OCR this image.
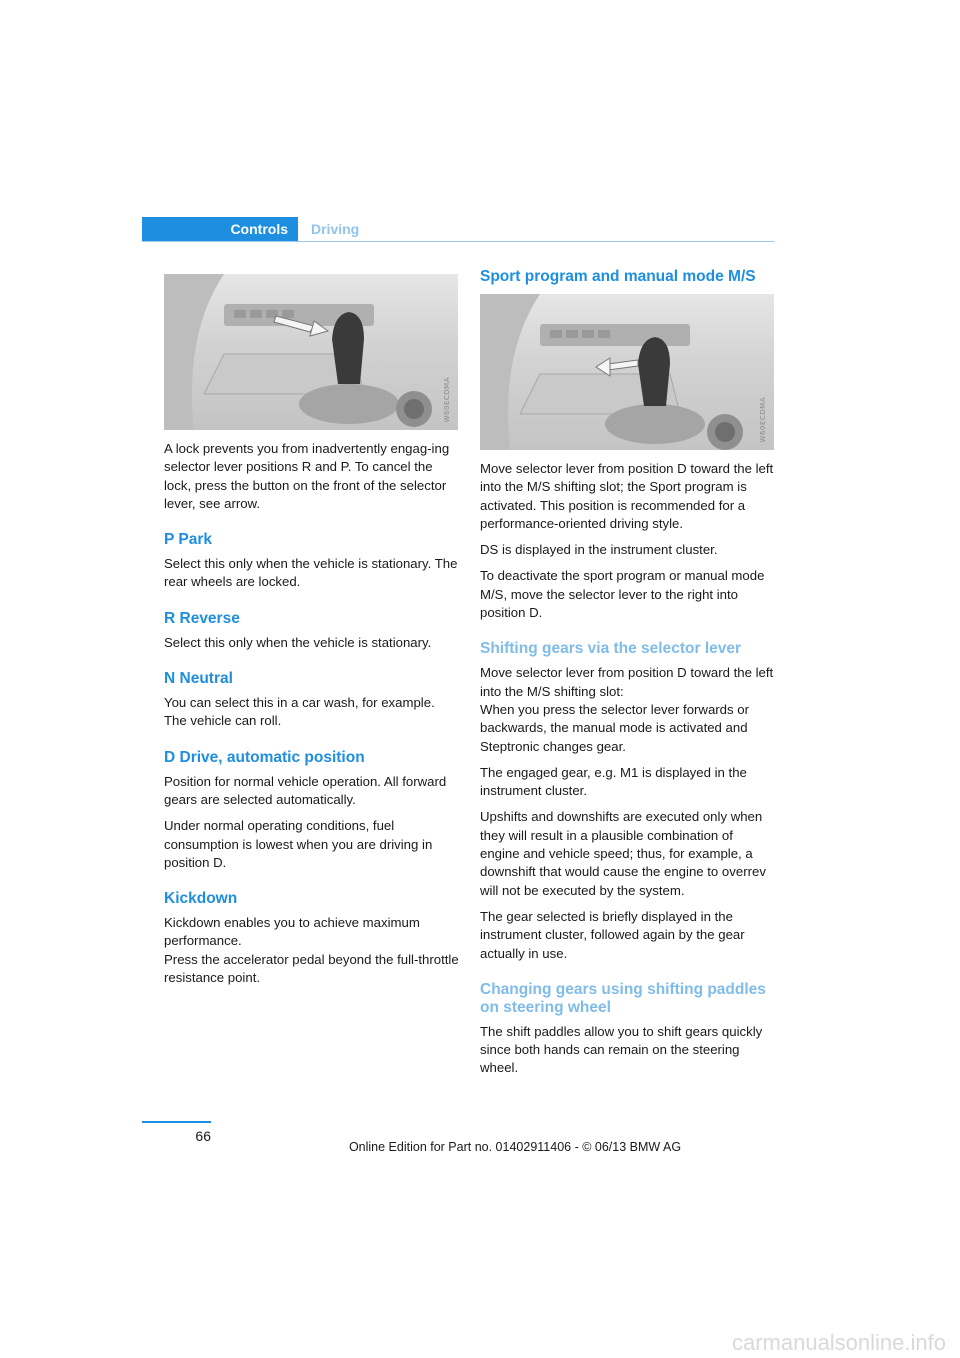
Controls	Driving
W60ECDMA

A lock prevents you from inadvertently engag-ing selector lever positions R and P. To cancel the lock, press the button on the front of the selector lever, see arrow.

P Park

Select this only when the vehicle is stationary. The rear wheels are locked.

R Reverse

Select this only when the vehicle is stationary.

N Neutral

You can select this in a car wash, for example. The vehicle can roll.

D Drive, automatic position

Position for normal vehicle operation. All forward gears are selected automatically.

Under normal operating conditions, fuel consumption is lowest when you are driving in position D.

Kickdown

Kickdown enables you to achieve maximum performance.

Press the accelerator pedal beyond the full-throttle resistance point.

Sport program and manual mode M/S
W60ECDMA

Move selector lever from position D toward the left into the M/S shifting slot; the Sport program is activated. This position is recommended for a performance-oriented driving style.

DS is displayed in the instrument cluster.

To deactivate the sport program or manual mode M/S, move the selector lever to the right into position D.

Shifting gears via the selector lever

Move selector lever from position D toward the left into the M/S shifting slot:

When you press the selector lever forwards or backwards, the manual mode is activated and Steptronic changes gear.

The engaged gear, e.g. M1 is displayed in the instrument cluster.

Upshifts and downshifts are executed only when they will result in a plausible combination of engine and vehicle speed; thus, for example, a downshift that would cause the engine to overrev will not be executed by the system.

The gear selected is briefly displayed in the instrument cluster, followed again by the gear actually in use.

Changing gears using shifting paddles on steering wheel

The shift paddles allow you to shift gears quickly since both hands can remain on the steering wheel.

66
Online Edition for Part no. 01402911406 - © 06/13 BMW AG
carmanualsonline.info
